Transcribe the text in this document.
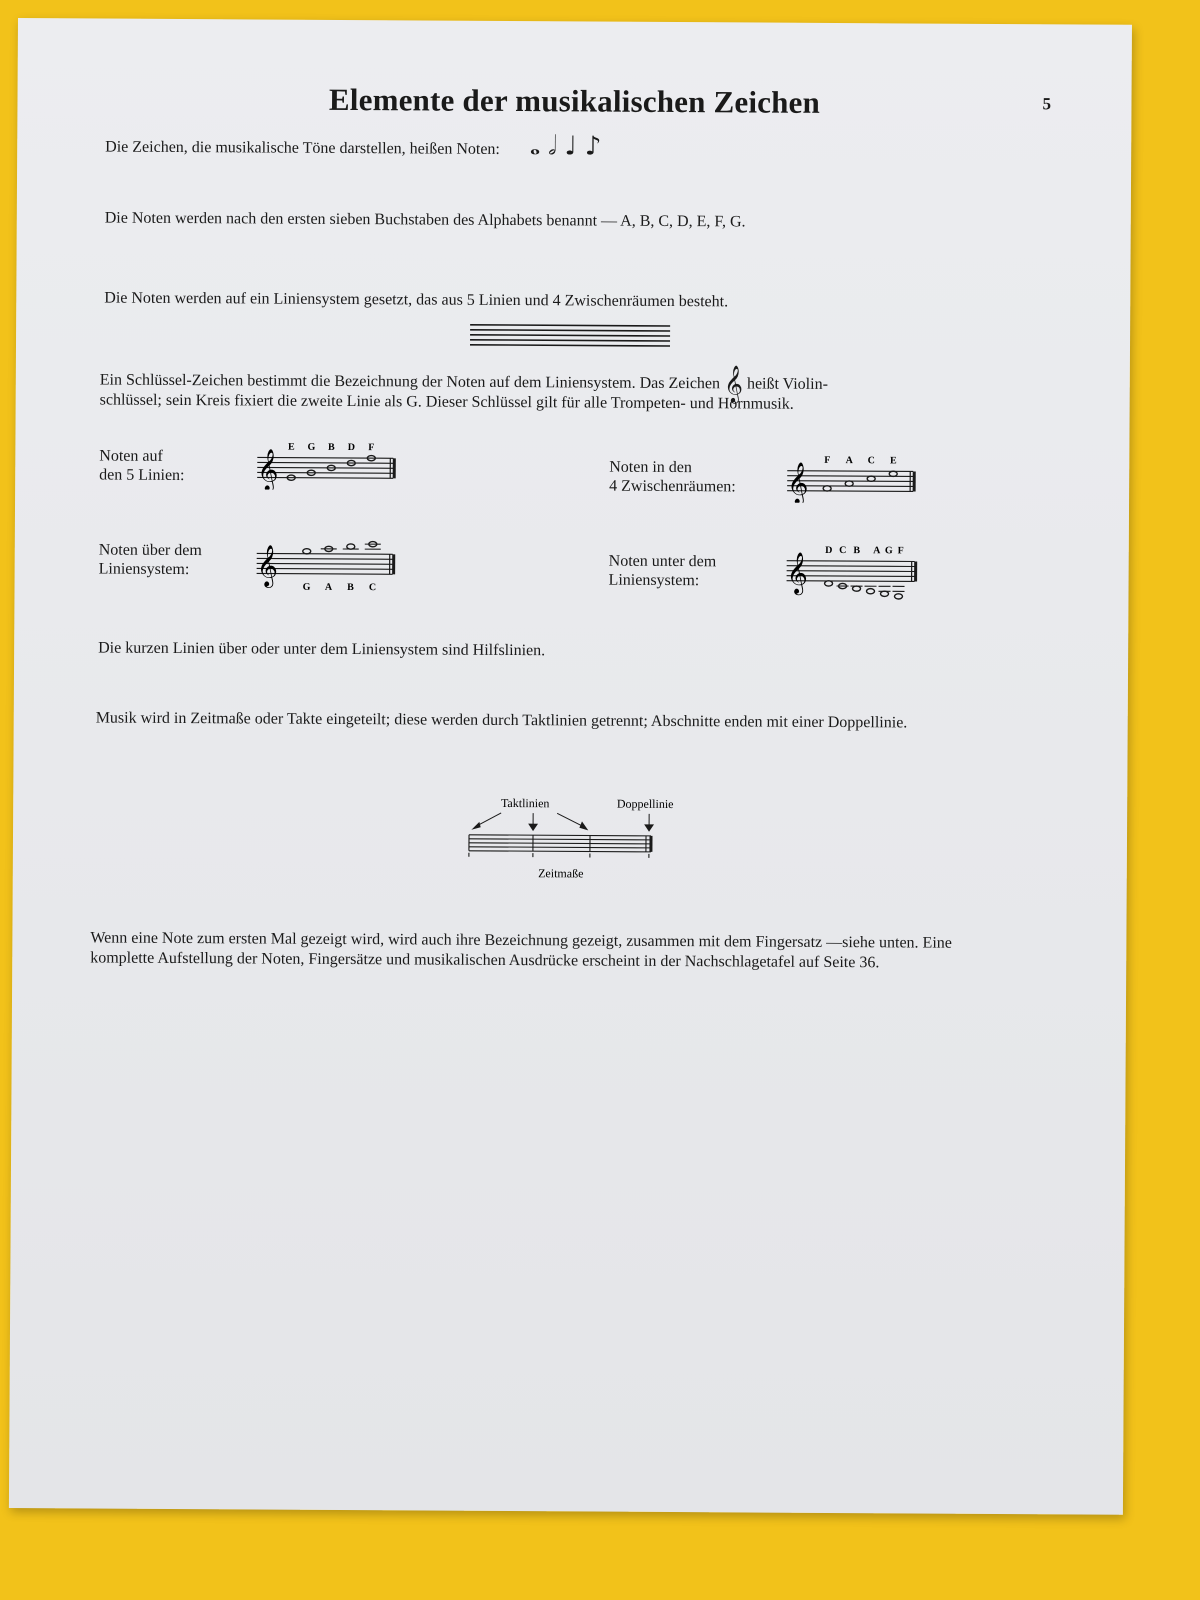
Elemente der musikalischen Zeichen	5
Die Zeichen, die musikalische Töne darstellen, heißen Noten: 𝅝𝅗𝅥♩♪
Die Noten werden nach den ersten sieben Buchstaben des Alphabets benannt — A, B, C, D, E, F, G.
Die Noten werden auf ein Liniensystem gesetzt, das aus 5 Linien und 4 Zwischenräumen besteht.
Ein Schlüssel-Zeichen bestimmt die Bezeichnung der Noten auf dem Liniensystem. Das Zeichen 𝄞 heißt Violin-
schlüssel; sein Kreis fixiert die zweite Linie als G. Dieser Schlüssel gilt für alle Trompeten- und Hornmusik.
Noten auf
den 5 Linien: 𝄞
E G B D F
Noten in den
4 Zwischenräumen: 𝄞
F A C E
Noten über dem
Liniensystem:	𝄞
G A B C
Noten unter dem
Liniensystem:	𝄞
D C B A G F
Die kurzen Linien über oder unter dem Liniensystem sind Hilfslinien.
Musik wird in Zeitmaße oder Takte eingeteilt; diese werden durch Taktlinien getrennt; Abschnitte enden mit einer Doppellinie.
Taktlinien	Doppellinie
Zeitmaße
Wenn eine Note zum ersten Mal gezeigt wird, wird auch ihre Bezeichnung gezeigt, zusammen mit dem Fingersatz —siehe unten. Eine komplette Aufstellung der Noten, Fingersätze und musikalischen Ausdrücke erscheint in der Nachschlagetafel auf Seite 36.
